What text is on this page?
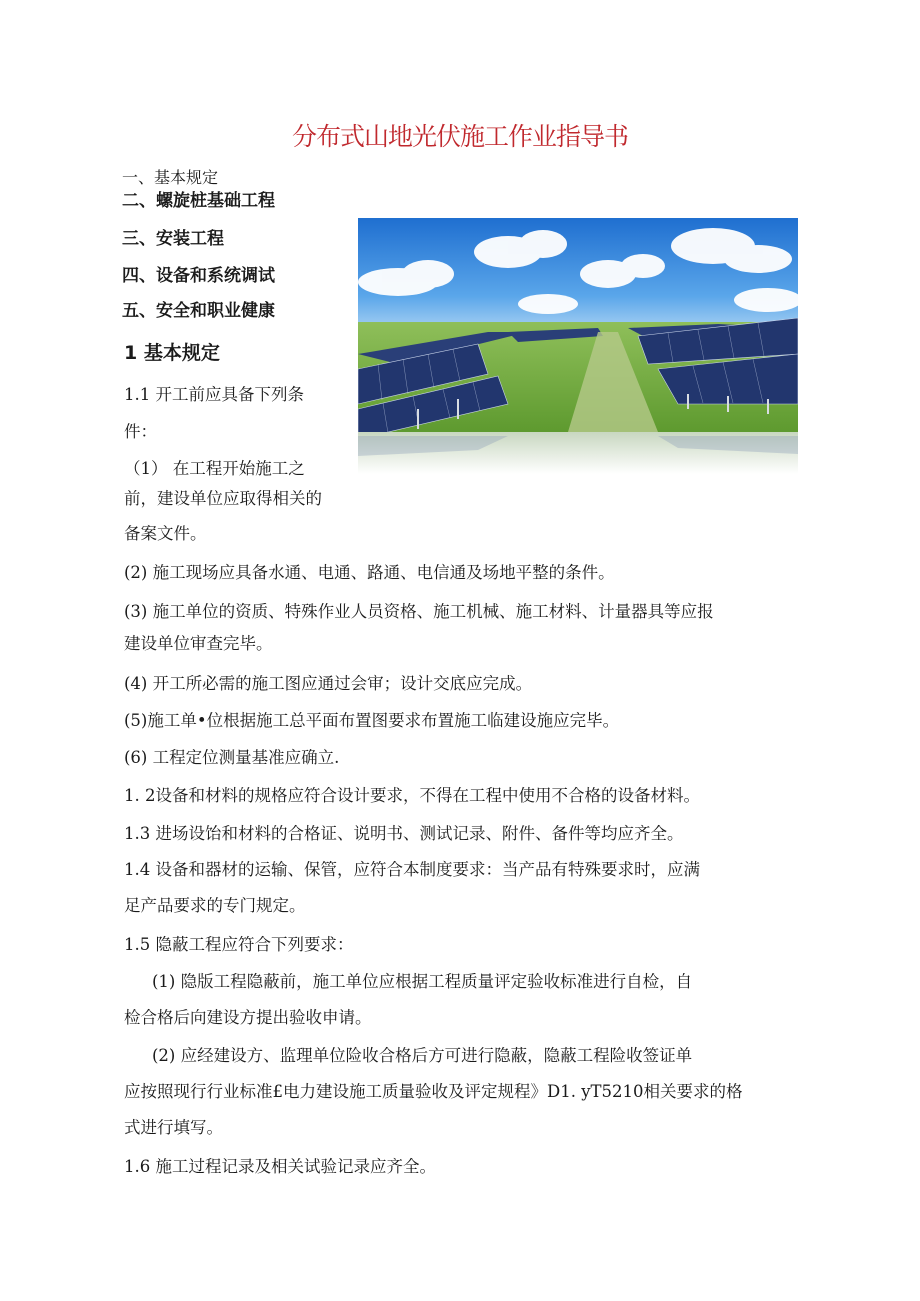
分布式山地光伏施工作业指导书
一、基本规定
二、螺旋桩基础工程
三、安装工程
四、设备和系统调试
五、安全和职业健康
1 基本规定
1.1 开工前应具备下列条
件：
（1） 在工程开始施工之
前，建设单位应取得相关的
备案文件。
(2) 施工现场应具备水通、电通、路通、电信通及场地平整的条件。
(3) 施工单位的资质、特殊作业人员资格、施工机械、施工材料、计量器具等应报
建设单位审查完毕。
(4) 开工所必需的施工图应通过会审；设计交底应完成。
(5)施工单•位根据施工总平面布置图要求布置施工临建设施应完毕。
(6) 工程定位测量基准应确立.
1. 2设备和材料的规格应符合设计要求，不得在工程中使用不合格的设备材料。
1.3 进场设饴和材料的合格证、说明书、测试记录、附件、备件等均应齐全。
1.4 设备和器材的运输、保管，应符合本制度要求：当产品有特殊要求时，应满
足产品要求的专门规定。
1.5 隐蔽工程应符合下列要求：
(1) 隐版工程隐蔽前，施工单位应根据工程质量评定验收标准进行自检，自
检合格后向建设方提出验收申请。
(2) 应经建设方、监理单位险收合格后方可进行隐蔽，隐蔽工程险收签证单
应按照现行行业标准£电力建设施工质量验收及评定规程》D1. yT5210相关要求的格
式进行填写。
1.6 施工过程记录及相关试验记录应齐全。
